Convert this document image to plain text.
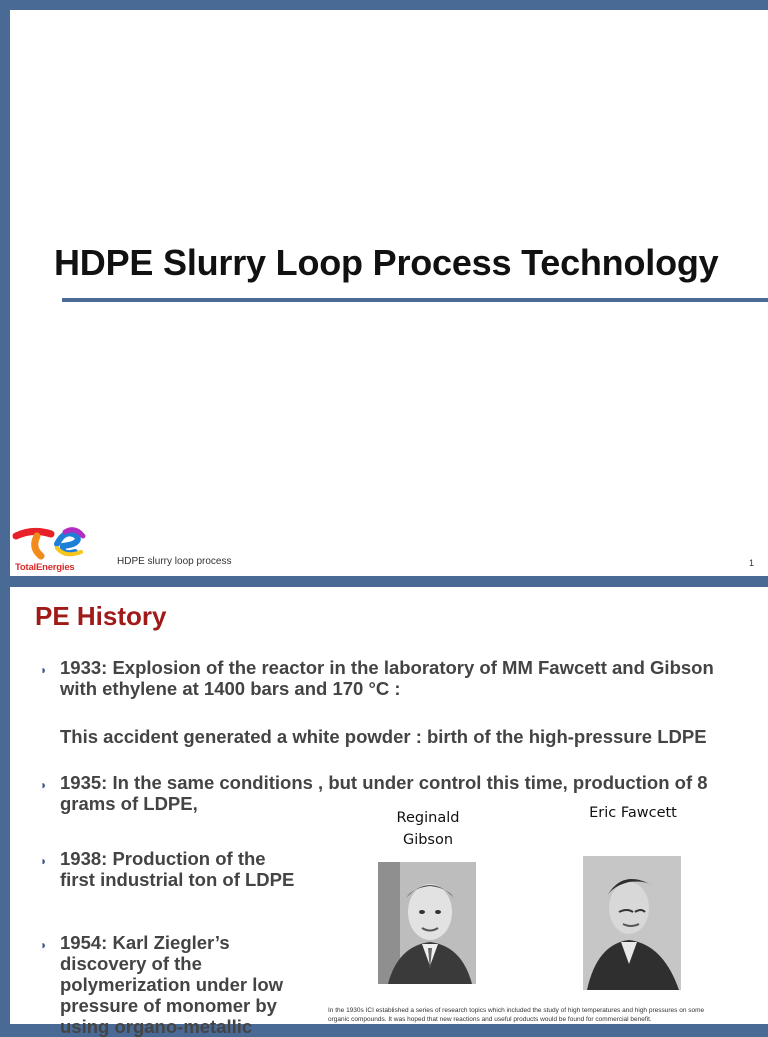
HDPE Slurry Loop Process Technology
TotalEnergies
HDPE slurry loop process	1
PE History
◗ 1933: Explosion of the reactor in the laboratory of MM Fawcett and Gibson with ethylene at 1400 bars and 170 °C :
This accident generated a white powder : birth of the high-pressure LDPE
◗ 1935: In the same conditions , but under control this time, production of 8 grams of LDPE,
◗ 1938: Production of the first industrial ton of LDPE
◗ 1954: Karl Ziegler’s discovery of the polymerization under low pressure of monomer by using organo-metallic
Reginald Gibson
Eric Fawcett
In the 1930s ICI established a series of research topics which included the study of high temperatures and high pressures on some organic compounds. It was hoped that new reactions and useful products would be found for commercial benefit.
